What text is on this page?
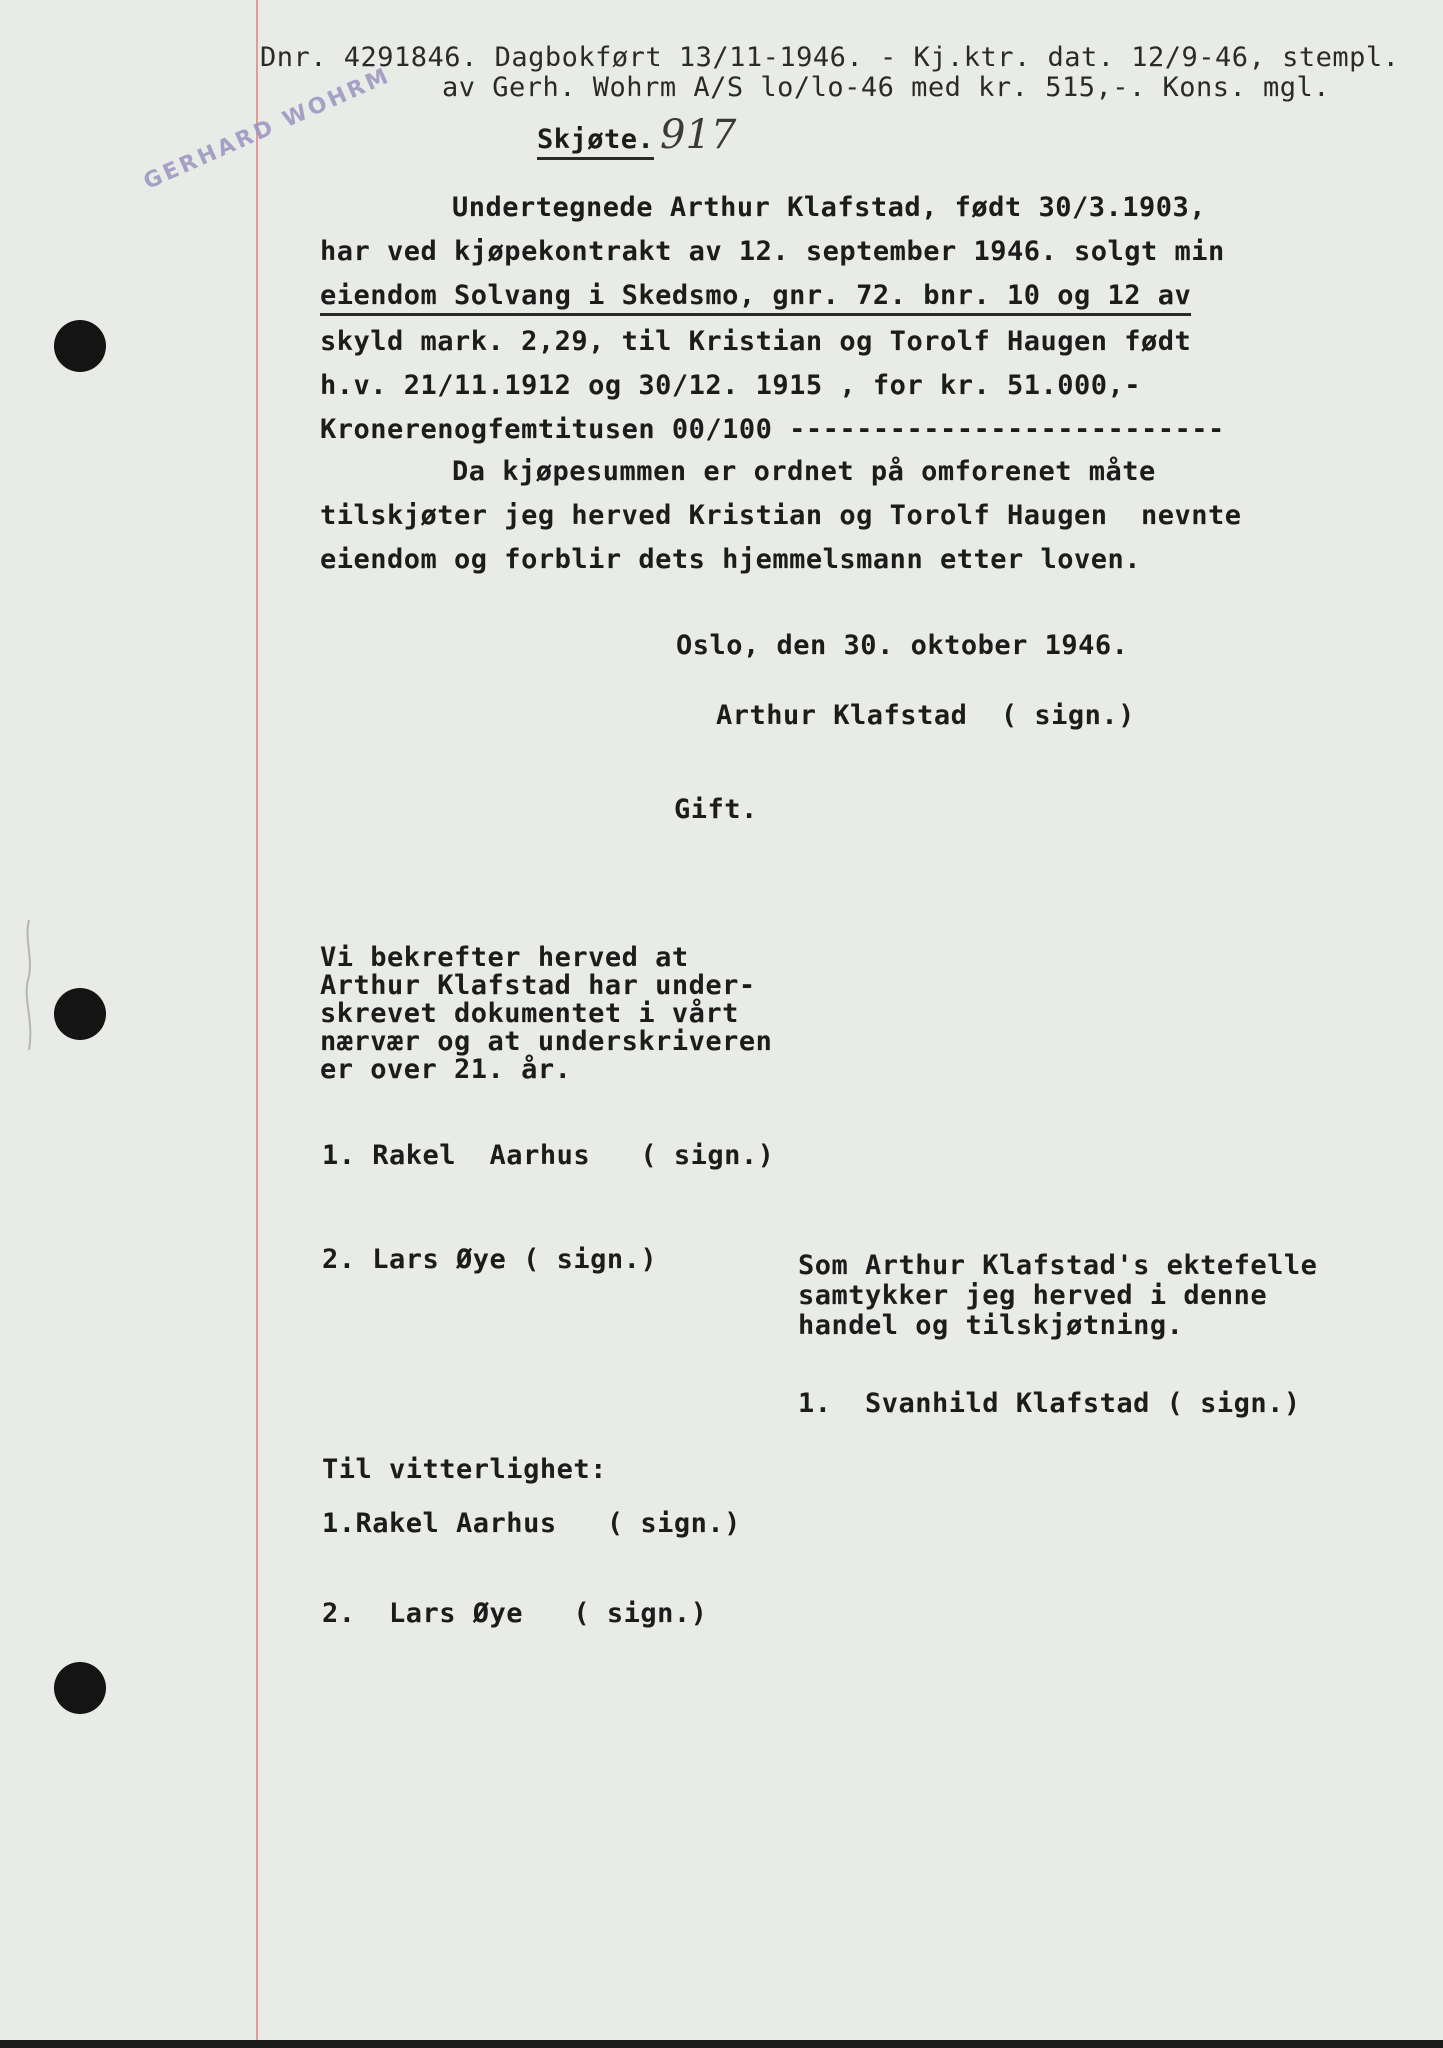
GERHARD WOHRM
Dnr. 4291846. Dagbokført 13/11-1946. - Kj.ktr. dat. 12/9-46, stempl.
av Gerh. Wohrm A/S lo/lo-46 med kr. 515,-. Kons. mgl.
Skjøte. 917
Undertegnede Arthur Klafstad, født 30/3.1903,
har ved kjøpekontrakt av 12. september 1946. solgt min
eiendom Solvang i Skedsmo, gnr. 72. bnr. 10 og 12 av
skyld mark. 2,29, til Kristian og Torolf Haugen født
h.v. 21/11.1912 og 30/12. 1915 , for kr. 51.000,-
Kronerenogfemtitusen 00/100 --------------------------
Da kjøpesummen er ordnet på omforenet måte
tilskjøter jeg herved Kristian og Torolf Haugen  nevnte
eiendom og forblir dets hjemmelsmann etter loven.
Oslo, den 30. oktober 1946.
Arthur Klafstad  ( sign.)
Gift.
Vi bekrefter herved at
Arthur Klafstad har under-
skrevet dokumentet i vårt
nærvær og at underskriveren
er over 21. år.
1. Rakel  Aarhus   ( sign.)
2. Lars Øye ( sign.)	Som Arthur Klafstad's ektefelle
samtykker jeg herved i denne
handel og tilskjøtning.
1.  Svanhild Klafstad ( sign.)
Til vitterlighet:
1.Rakel Aarhus   ( sign.)
2.  Lars Øye   ( sign.)
